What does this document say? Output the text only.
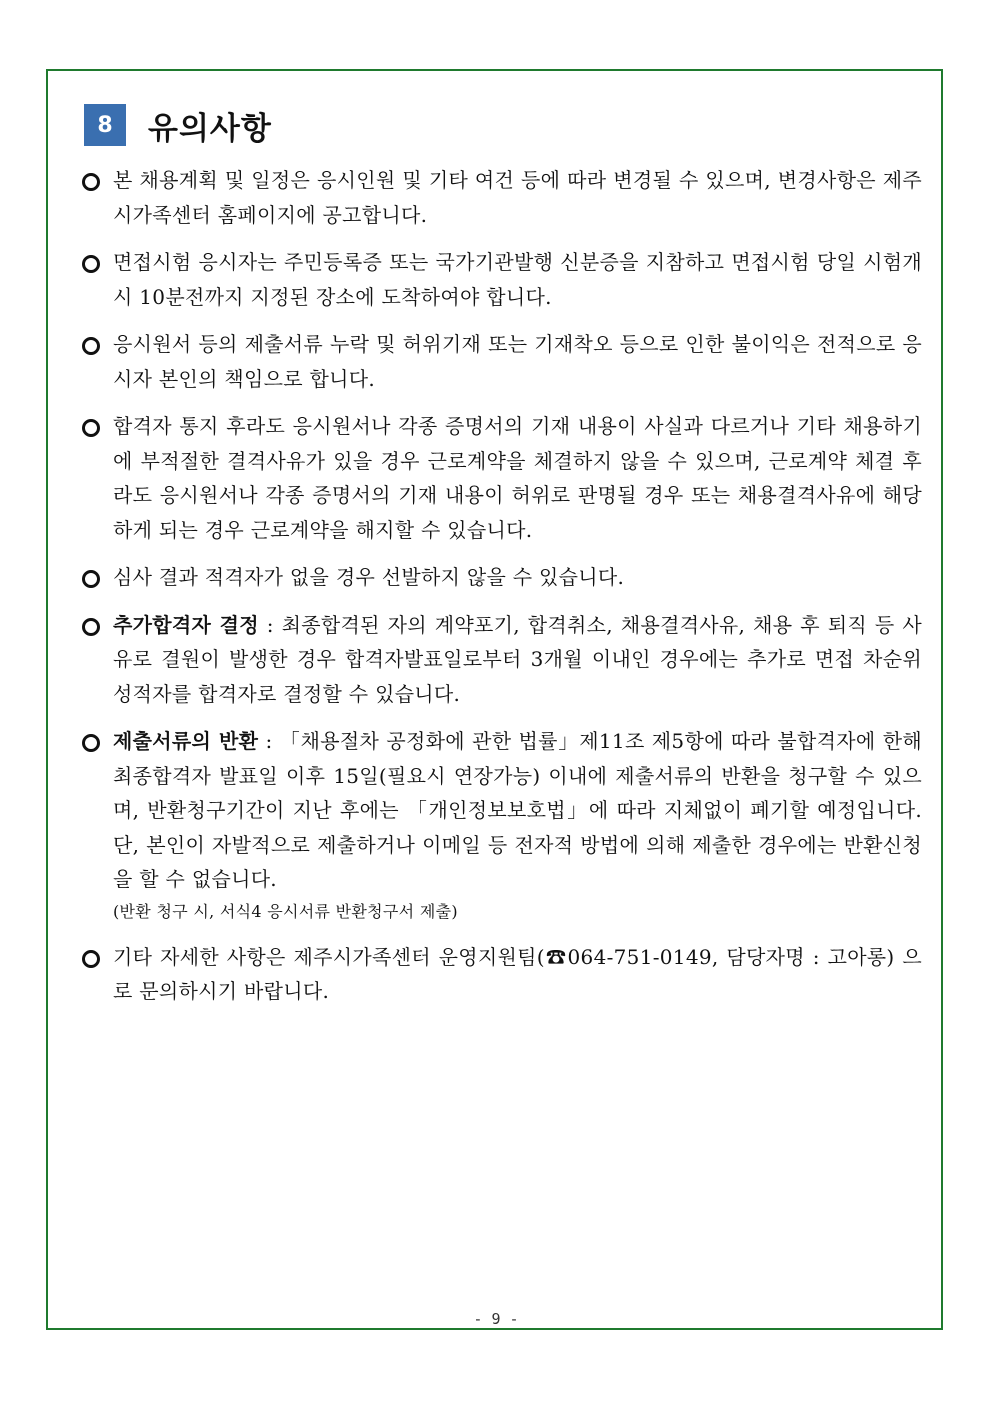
8	유의사항

본 채용계획 및 일정은 응시인원 및 기타 여건 등에 따라 변경될 수 있으며, 변경사항은 제주시가족센터 홈페이지에 공고합니다.

면접시험 응시자는 주민등록증 또는 국가기관발행 신분증을 지참하고 면접시험 당일 시험개시 10분전까지 지정된 장소에 도착하여야 합니다.

응시원서 등의 제출서류 누락 및 허위기재 또는 기재착오 등으로 인한 불이익은 전적으로 응시자 본인의 책임으로 합니다.

합격자 통지 후라도 응시원서나 각종 증명서의 기재 내용이 사실과 다르거나 기타 채용하기에 부적절한 결격사유가 있을 경우 근로계약을 체결하지 않을 수 있으며, 근로계약 체결 후라도 응시원서나 각종 증명서의 기재 내용이 허위로 판명될 경우 또는 채용결격사유에 해당하게 되는 경우 근로계약을 해지할 수 있습니다.

심사 결과 적격자가 없을 경우 선발하지 않을 수 있습니다.

추가합격자 결정 : 최종합격된 자의 계약포기, 합격취소, 채용결격사유, 채용 후 퇴직 등 사유로 결원이 발생한 경우 합격자발표일로부터 3개월 이내인 경우에는 추가로 면접 차순위 성적자를 합격자로 결정할 수 있습니다.

제출서류의 반환 : 「채용절차 공정화에 관한 법률」제11조 제5항에 따라 불합격자에 한해 최종합격자 발표일 이후 15일(필요시 연장가능) 이내에 제출서류의 반환을 청구할 수 있으며, 반환청구기간이 지난 후에는 「개인정보보호법」에 따라 지체없이 폐기할 예정입니다. 단, 본인이 자발적으로 제출하거나 이메일 등 전자적 방법에 의해 제출한 경우에는 반환신청을 할 수 없습니다.
(반환 청구 시, 서식4 응시서류 반환청구서 제출)

기타 자세한 사항은 제주시가족센터 운영지원팀(☎064-751-0149, 담당자명 : 고아롱) 으로 문의하시기 바랍니다.

- 9 -
